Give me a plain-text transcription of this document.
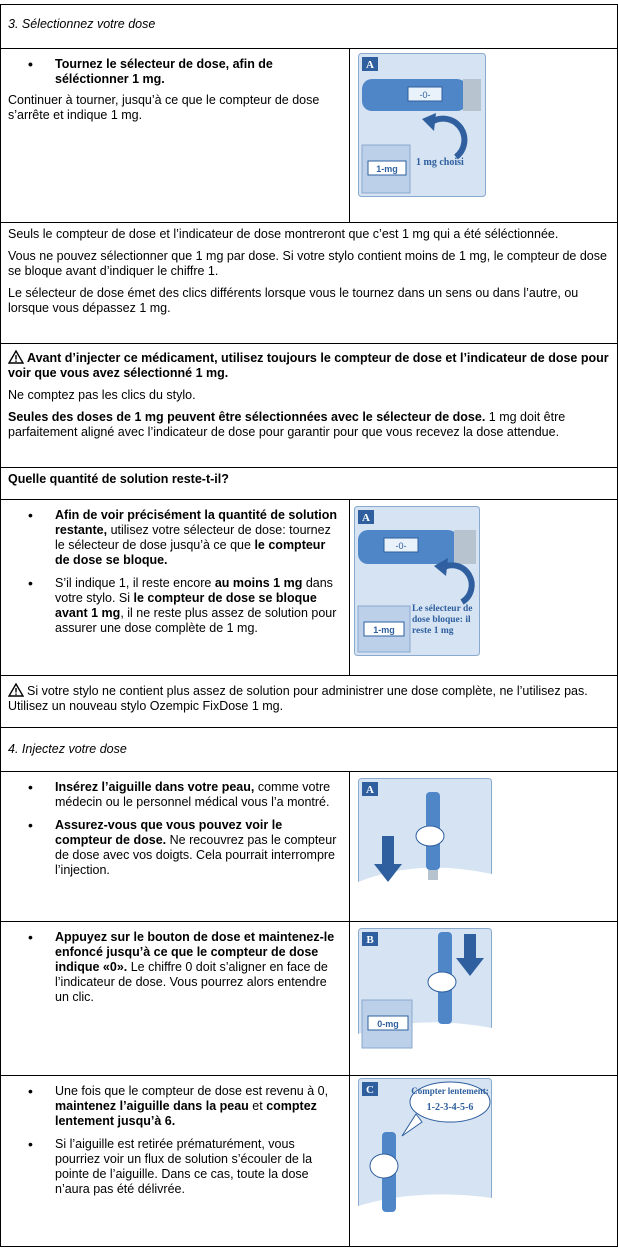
3. Sélectionnez votre dose
• Tournez le sélecteur de dose, afin de séléctionner 1 mg.

Continuer à tourner, jusqu’à ce que le compteur de dose s’arrête et indique 1 mg.

A
-0-
1-mg
1 mg choisi

Seuls le compteur de dose et l’indicateur de dose montreront que c’est 1 mg qui a été séléctionnée.

Vous ne pouvez sélectionner que 1 mg par dose. Si votre stylo contient moins de 1 mg, le compteur de dose se bloque avant d’indiquer le chiffre 1.

Le sélecteur de dose émet des clics différents lorsque vous le tournez dans un sens ou dans l’autre, ou lorsque vous dépassez 1 mg.

Avant d’injecter ce médicament, utilisez toujours le compteur de dose et l’indicateur de dose pour voir que vous avez sélectionné 1 mg.

Ne comptez pas les clics du stylo.

Seules des doses de 1 mg peuvent être sélectionnées avec le sélecteur de dose. 1 mg doit être parfaitement aligné avec l’indicateur de dose pour garantir pour que vous recevez la dose attendue.

Quelle quantité de solution reste-t-il?
• Afin de voir précisément la quantité de solution restante, utilisez votre sélecteur de dose: tournez le sélecteur de dose jusqu’à ce que le compteur de dose se bloque.
• S’il indique 1, il reste encore au moins 1 mg dans votre stylo. Si le compteur de dose se bloque avant 1 mg, il ne reste plus assez de solution pour assurer une dose complète de 1 mg.
A
-0-
1-mg
Le sélecteur de dose bloque: il reste 1 mg

Si votre stylo ne contient plus assez de solution pour administrer une dose complète, ne l’utilisez pas. Utilisez un nouveau stylo Ozempic FixDose 1 mg.

4. Injectez votre dose
• Insérez l’aiguille dans votre peau, comme votre médecin ou le personnel médical vous l’a montré.
• Assurez-vous que vous pouvez voir le compteur de dose. Ne recouvrez pas le compteur de dose avec vos doigts. Cela pourrait interrompre l’injection.
A
• Appuyez sur le bouton de dose et maintenez-le enfoncé jusqu’à ce que le compteur de dose indique «0». Le chiffre 0 doit s’aligner en face de l’indicateur de dose. Vous pourrez alors entendre un clic.
B
0-mg
• Une fois que le compteur de dose est revenu à 0, maintenez l’aiguille dans la peau et comptez lentement jusqu’à 6.
• Si l’aiguille est retirée prématurément, vous pourriez voir un flux de solution s’écouler de la pointe de l’aiguille. Dans ce cas, toute la dose n’aura pas été délivrée.
C	Compter lentement:
1-2-3-4-5-6
